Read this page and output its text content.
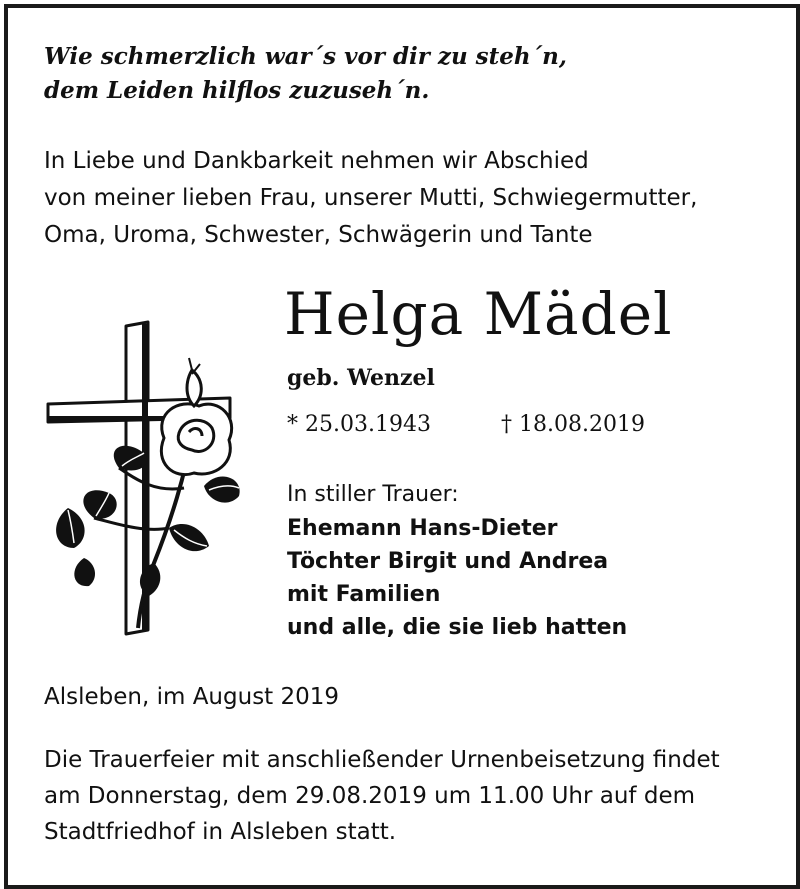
Wie schmerzlich war´s vor dir zu steh´n,
dem Leiden hilflos zuzuseh´n.
In Liebe und Dankbarkeit nehmen wir Abschied
von meiner lieben Frau, unserer Mutti, Schwiegermutter,
Oma, Uroma, Schwester, Schwägerin und Tante
Helga Mädel
geb. Wenzel
* 25.03.1943	† 18.08.2019
In stiller Trauer:
Ehemann Hans-Dieter
Töchter Birgit und Andrea
mit Familien
und alle, die sie lieb hatten
Alsleben, im August 2019
Die Trauerfeier mit anschließender Urnenbeisetzung findet
am Donnerstag, dem 29.08.2019 um 11.00 Uhr auf dem
Stadtfriedhof in Alsleben statt.
